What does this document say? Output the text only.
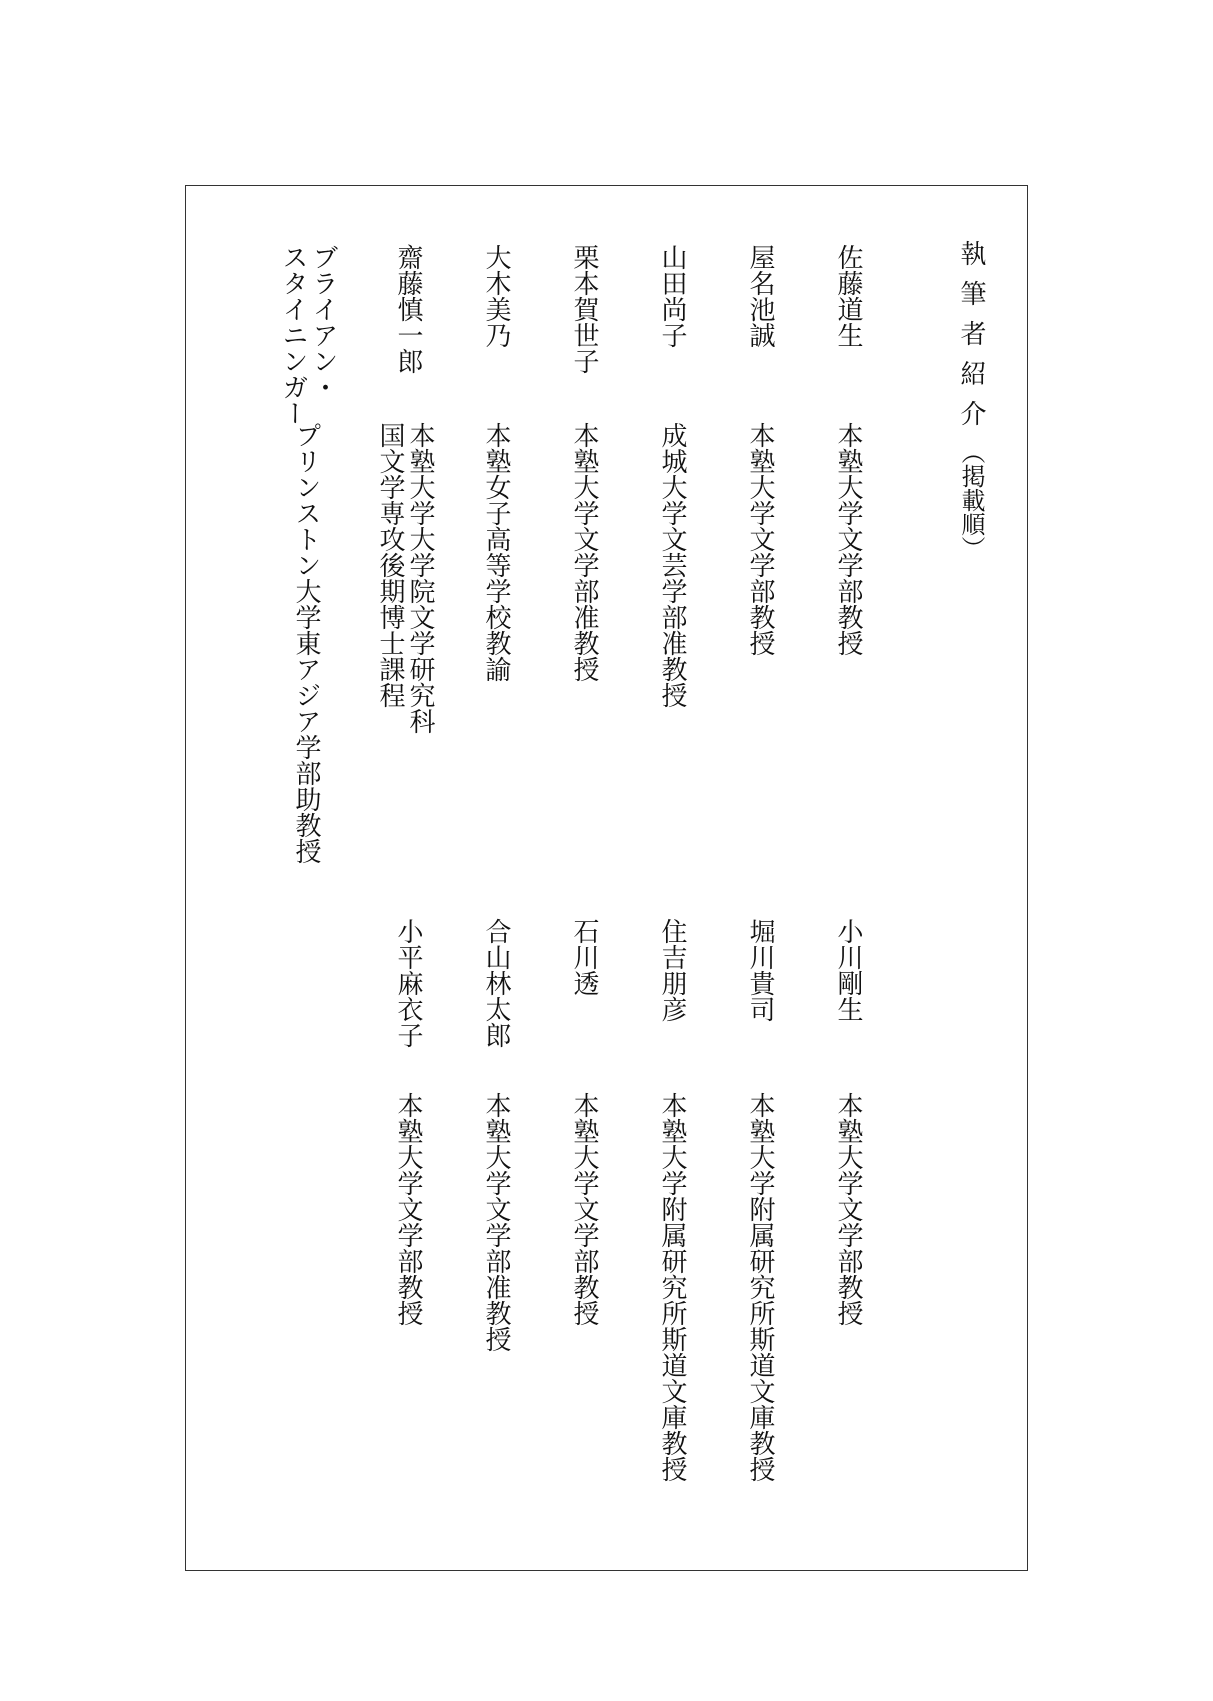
執筆者紹介（掲載順）
佐藤道生
屋名池誠
山田尚子
栗本賀世子
大木美乃
齋藤慎一郎
ブライアン・
スタイニンガー
本塾大学文学部教授
本塾大学文学部教授
成城大学文芸学部准教授
本塾大学文学部准教授
本塾女子高等学校教諭
本塾大学大学院文学研究科
国文学専攻後期博士課程
プリンストン大学東アジア学部助教授
小川剛生
堀川貴司
住吉朋彦
石川透
合山林太郎
小平麻衣子
本塾大学文学部教授
本塾大学附属研究所斯道文庫教授
本塾大学附属研究所斯道文庫教授
本塾大学文学部教授
本塾大学文学部准教授
本塾大学文学部教授
